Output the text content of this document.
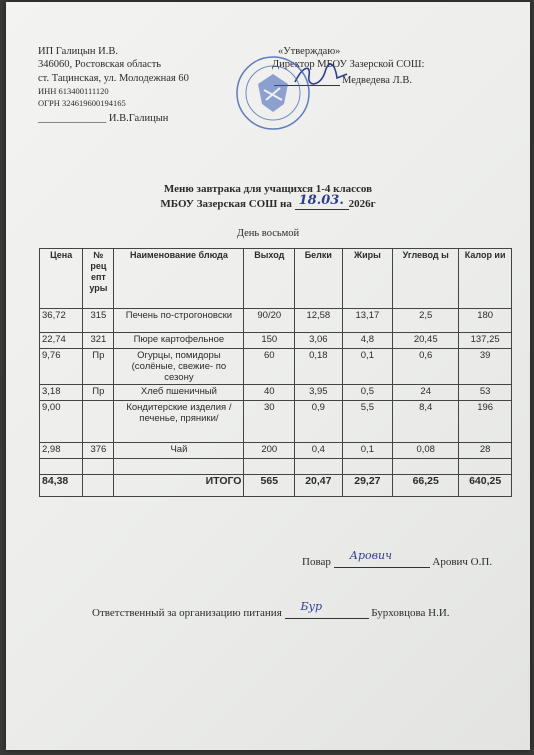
ИП Галицын И.В.
346060, Ростовская область
ст. Тацинская, ул. Молодежная 60
ИНН 613400111120
ОГРН 324619600194165
_____________ И.В.Галицын
«Утверждаю»
Директор МБОУ Зазерской СОШ:
Медведева Л.В.
Меню завтрака для учащихся 1-4 классов
МБОУ Зазерская СОШ на 18.03. 2026г
День восьмой
Цена	№ рец епт уры	Наименование блюда	Выход	Белки	Жиры	Углевод ы	Калор ии
36,72	315	Печень по-строгоновски	90/20	12,58	13,17	2,5	180
22,74	321	Пюре картофельное	150	3,06	4,8	20,45	137,25
9,76	Пр	Огурцы, помидоры (солёные, свежие- по сезону	60	0,18	0,1	0,6	39
3,18	Пр	Хлеб пшеничный	40	3,95	0,5	24	53
9,00		Кондитерские изделия /печенье, пряники/	30	0,9	5,5	8,4	196
2,98	376	Чай	200	0,4	0,1	0,08	28

84,38		ИТОГО	565	20,47	29,27	66,25	640,25
Повар Арович	Арович О.П.
Ответственный за организацию питания Бур	Бурховцова Н.И.
